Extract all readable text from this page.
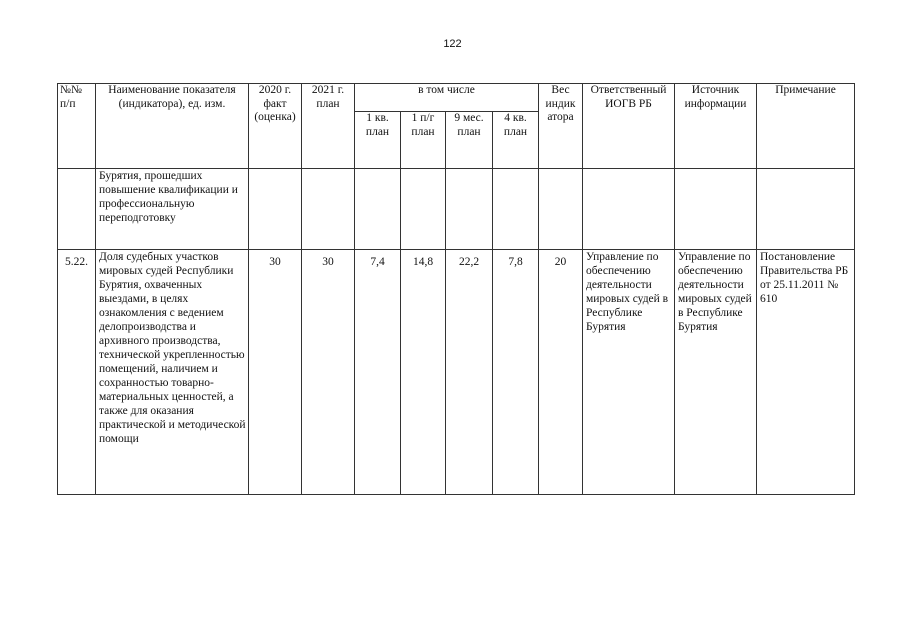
122
№№ п/п	Наименование показателя (индикатора), ед. изм.	2020 г. факт (оценка)	2021 г. план	в том числе				Вес индик атора	Ответственный ИОГВ РБ	Источник информации	Примечание
				1 кв. план	1 п/г план	9 мес. план	4 кв. план				
	Бурятия, прошедших повышение квалификации и профессиональную переподготовку										
5.22.	Доля судебных участков мировых судей Республики Бурятия, охваченных выездами, в целях ознакомления с ведением делопроизводства и архивного производства, технической укрепленностью помещений, наличием и сохранностью товарно-материальных ценностей, а также для оказания практической и методической помощи	30	30	7,4	14,8	22,2	7,8	20	Управление по обеспечению деятельности мировых судей в Республике Бурятия	Управление по обеспечению деятельности мировых судей в Республике Бурятия	Постановление Правительства РБ от 25.11.2011 № 610
